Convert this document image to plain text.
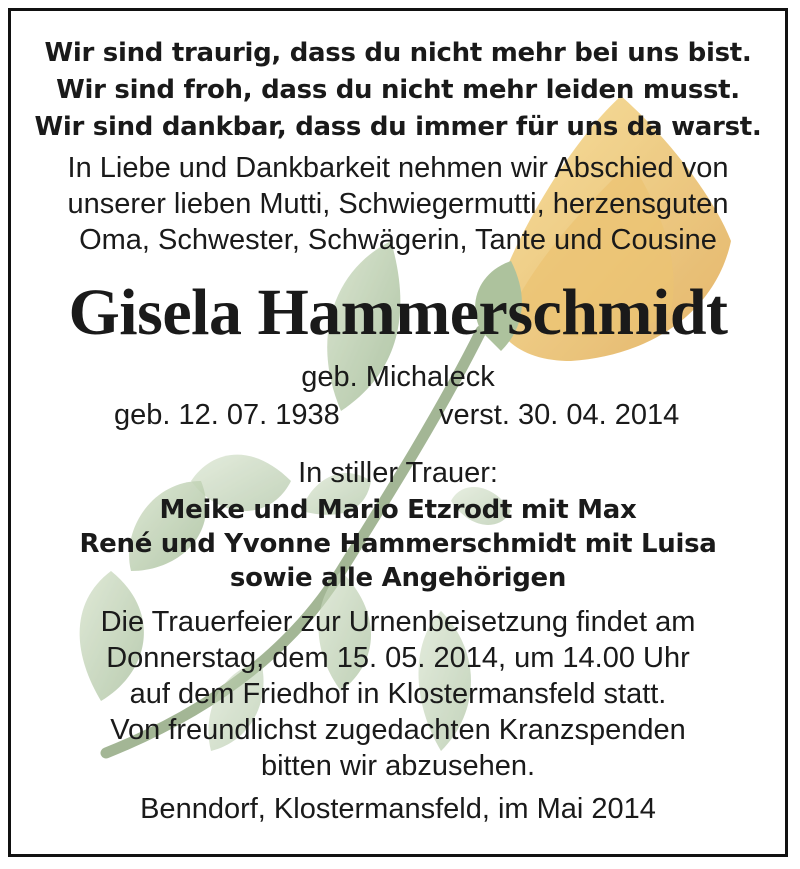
Wir sind traurig, dass du nicht mehr bei uns bist.
Wir sind froh, dass du nicht mehr leiden musst.
Wir sind dankbar, dass du immer für uns da warst.
In Liebe und Dankbarkeit nehmen wir Abschied von
unserer lieben Mutti, Schwiegermutti, herzensguten
Oma, Schwester, Schwägerin, Tante und Cousine
Gisela Hammerschmidt
geb. Michaleck
geb. 12. 07. 1938	verst. 30. 04. 2014
In stiller Trauer:
Meike und Mario Etzrodt mit Max
René und Yvonne Hammerschmidt mit Luisa
sowie alle Angehörigen
Die Trauerfeier zur Urnenbeisetzung findet am
Donnerstag, dem 15. 05. 2014, um 14.00 Uhr
auf dem Friedhof in Klostermansfeld statt.
Von freundlichst zugedachten Kranzspenden
bitten wir abzusehen.
Benndorf, Klostermansfeld, im Mai 2014
